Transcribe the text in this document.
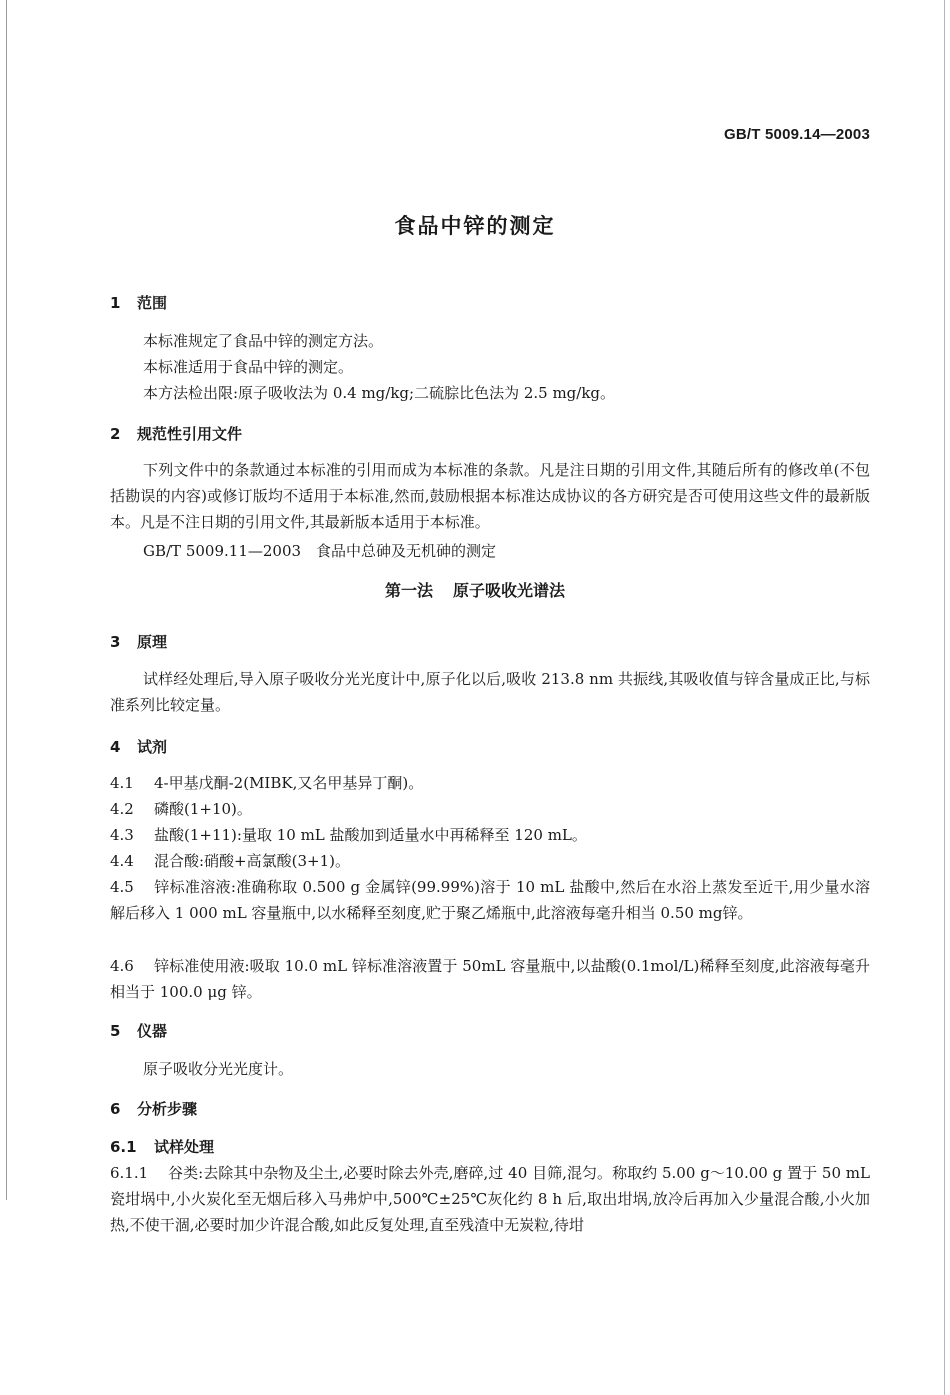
GB/T 5009.14—2003
食品中锌的测定
1 范围
本标准规定了食品中锌的测定方法。
本标准适用于食品中锌的测定。
本方法检出限:原子吸收法为 0.4 mg/kg;二硫腙比色法为 2.5 mg/kg。
2 规范性引用文件
下列文件中的条款通过本标准的引用而成为本标准的条款。凡是注日期的引用文件,其随后所有的修改单(不包括勘误的内容)或修订版均不适用于本标准,然而,鼓励根据本标准达成协议的各方研究是否可使用这些文件的最新版本。凡是不注日期的引用文件,其最新版本适用于本标准。
GB/T 5009.11—2003　食品中总砷及无机砷的测定
第一法 原子吸收光谱法
3 原理
试样经处理后,导入原子吸收分光光度计中,原子化以后,吸收 213.8 nm 共振线,其吸收值与锌含量成正比,与标准系列比较定量。
4 试剂
4.1 4-甲基戊酮-2(MIBK,又名甲基异丁酮)。
4.2 磷酸(1+10)。
4.3 盐酸(1+11):量取 10 mL 盐酸加到适量水中再稀释至 120 mL。
4.4 混合酸:硝酸+高氯酸(3+1)。
4.5 锌标准溶液:准确称取 0.500 g 金属锌(99.99%)溶于 10 mL 盐酸中,然后在水浴上蒸发至近干,用少量水溶解后移入 1 000 mL 容量瓶中,以水稀释至刻度,贮于聚乙烯瓶中,此溶液每毫升相当 0.50 mg锌。
4.6 锌标准使用液:吸取 10.0 mL 锌标准溶液置于 50mL 容量瓶中,以盐酸(0.1mol/L)稀释至刻度,此溶液每毫升相当于 100.0 μg 锌。
5 仪器
原子吸收分光光度计。
6 分析步骤
6.1 试样处理
6.1.1 谷类:去除其中杂物及尘土,必要时除去外壳,磨碎,过 40 目筛,混匀。称取约 5.00 g～10.00 g 置于 50 mL 瓷坩埚中,小火炭化至无烟后移入马弗炉中,500℃±25℃灰化约 8 h 后,取出坩埚,放冷后再加入少量混合酸,小火加热,不使干涸,必要时加少许混合酸,如此反复处理,直至残渣中无炭粒,待坩
